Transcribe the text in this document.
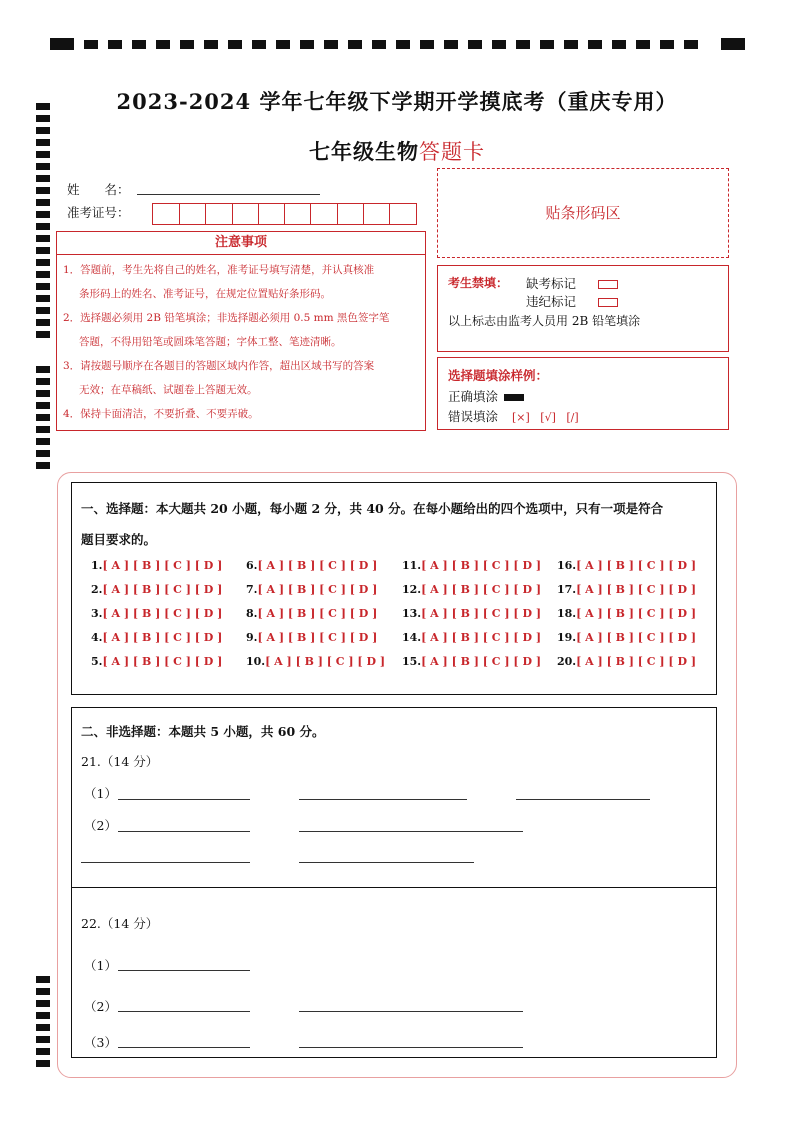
2023-2024 学年七年级下学期开学摸底考（重庆专用）
七年级生物答题卡
姓　　名：
准考证号：	贴条形码区
注意事项
1．答题前，考生先将自己的姓名，准考证号填写清楚，并认真核准
条形码上的姓名、准考证号，在规定位置贴好条形码。
2．选择题必须用 2B 铅笔填涂；非选择题必须用 0.5 mm 黑色签字笔
答题，不得用铅笔或圆珠笔答题；字体工整、笔迹清晰。
3．请按题号顺序在各题目的答题区域内作答，超出区域书写的答案
无效；在草稿纸、试题卷上答题无效。
4．保持卡面清洁，不要折叠、不要弄破。
考生禁填： 缺考标记
违纪标记
以上标志由监考人员用 2B 铅笔填涂
选择题填涂样例：
正确填涂
错误填涂 [×]   [√]   [/]
一、选择题：本大题共 20 小题，每小题 2 分，共 40 分。在每小题给出的四个选项中，只有一项是符合
题目要求的。
1.[ A ] [ B ] [ C ] [ D ]
2.[ A ] [ B ] [ C ] [ D ]
3.[ A ] [ B ] [ C ] [ D ]
4.[ A ] [ B ] [ C ] [ D ]
5.[ A ] [ B ] [ C ] [ D ]
6.[ A ] [ B ] [ C ] [ D ]
7.[ A ] [ B ] [ C ] [ D ]
8.[ A ] [ B ] [ C ] [ D ]
9.[ A ] [ B ] [ C ] [ D ]
10.[ A ] [ B ] [ C ] [ D ]
11.[ A ] [ B ] [ C ] [ D ]
12.[ A ] [ B ] [ C ] [ D ]
13.[ A ] [ B ] [ C ] [ D ]
14.[ A ] [ B ] [ C ] [ D ]
15.[ A ] [ B ] [ C ] [ D ]
16.[ A ] [ B ] [ C ] [ D ]
17.[ A ] [ B ] [ C ] [ D ]
18.[ A ] [ B ] [ C ] [ D ]
19.[ A ] [ B ] [ C ] [ D ]
20.[ A ] [ B ] [ C ] [ D ]
二、非选择题：本题共 5 小题，共 60 分。
21.（14 分）
（1）
（2）
22.（14 分）
（1）
（2）
（3）
